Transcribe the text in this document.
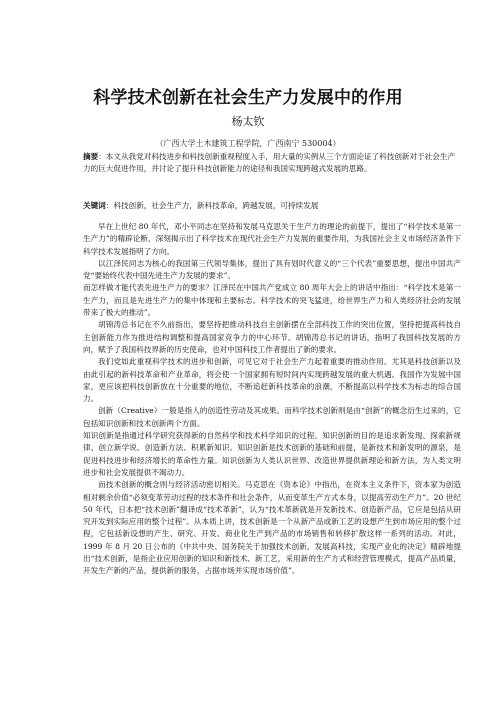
科学技术创新在社会生产力发展中的作用
杨太钦
（广西大学土木建筑工程学院，广西南宁 530004）
摘要：本文从我党对科技进步和科技创新重视程度入手，用大量的实例从三个方面论证了科技创新对于社会生产力的巨大促进作用，并讨论了提升科技创新能力的途径和我国实现跨越式发展的思路。
关键词：科技创新，社会生产力，新科技革命，跨越发展，可持续发展

早在上世纪 80 年代，邓小平同志在坚持和发展马克思关于生产力的理论的前提下，提出了“科学技术是第一生产力”的精辟论断，深刻揭示出了科学技术在现代社会生产力发展的重要作用，为我国社会主义市场经济条件下科学技术发展指明了方向。

以江泽民同志为核心的我国第三代领导集体，提出了具有划时代意义的“三个代表”重要思想，提出中国共产党“要始终代表中国先进生产力发展的要求”。

而怎样做才能代表先进生产力的要求？江泽民在中国共产党成立 80 周年大会上的讲话中指出：“科学技术是第一生产力，而且是先进生产力的集中体现和主要标志。科学技术的突飞猛进，给世界生产力和人类经济社会的发展带来了极大的推动”。

胡锦涛总书记在不久前指出，要坚持把推动科技自主创新摆在全部科技工作的突出位置，坚持把提高科技自主创新能力作为推进结构调整和提高国家竞争力的中心环节。胡锦涛总书记的讲话，指明了我国科技发展的方向，赋予了我国科技界新的历史使命，也对中国科技工作者提出了新的要求。

我们党如此重视科学技术的进步和创新，可见它对于社会生产力起着重要的推动作用。尤其是科技创新以及由此引起的新科技革命和产业革命，将会使一个国家拥有短时间内实现跨越发展的重大机遇。我国作为发展中国家，更应该把科技创新放在十分重要的地位，不断追赶新科技革命的浪潮，不断提高以科学技术为标志的综合国力。

创新（Creative）一般是指人的创造性劳动及其成果。而科学技术创新则是由“创新”的概念衍生过来的，它包括知识创新和技术创新两个方面。

知识创新是指通过科学研究获得新的自然科学和技术科学知识的过程。知识创新的目的是追求新发现、探索新规律、创立新学说、创造新方法、积累新知识。知识创新是技术创新的基础和前提，是新技术和新发明的源泉，是促进科技进步和经济增长的革命性力量。知识创新为人类认识世界、改造世界提供新理论和新方法，为人类文明进步和社会发展提供不竭动力。

而技术创新的概念则与经济活动密切相关。马克思在《资本论》中指出，在资本主义条件下，资本家为创造相对剩余价值“必须变革劳动过程的技术条件和社会条件，从而变革生产方式本身，以提高劳动生产力”。20 世纪 50 年代，日本把“技术创新”翻译成“技术革新”，认为“技术革新就是开发新技术、创造新产品，它应是包括从研究开发到实际应用的整个过程”。从本质上讲，技术创新是一个从新产品或新工艺的设想产生到市场应用的整个过程，它包括新设想的产生、研究、开发、商业化生产到产品的市场销售和转移扩散这样一系列的活动。对此，1999 年 8 月 20 日公布的《中共中央、国务院关于加强技术创新，发展高科技，实现产业化的决定》精辟地提出“技术创新，是指企业应用创新的知识和新技术、新工艺，采用新的生产方式和经营管理模式，提高产品质量，开发生产新的产品，提供新的服务，占据市场并实现市场价值”。
